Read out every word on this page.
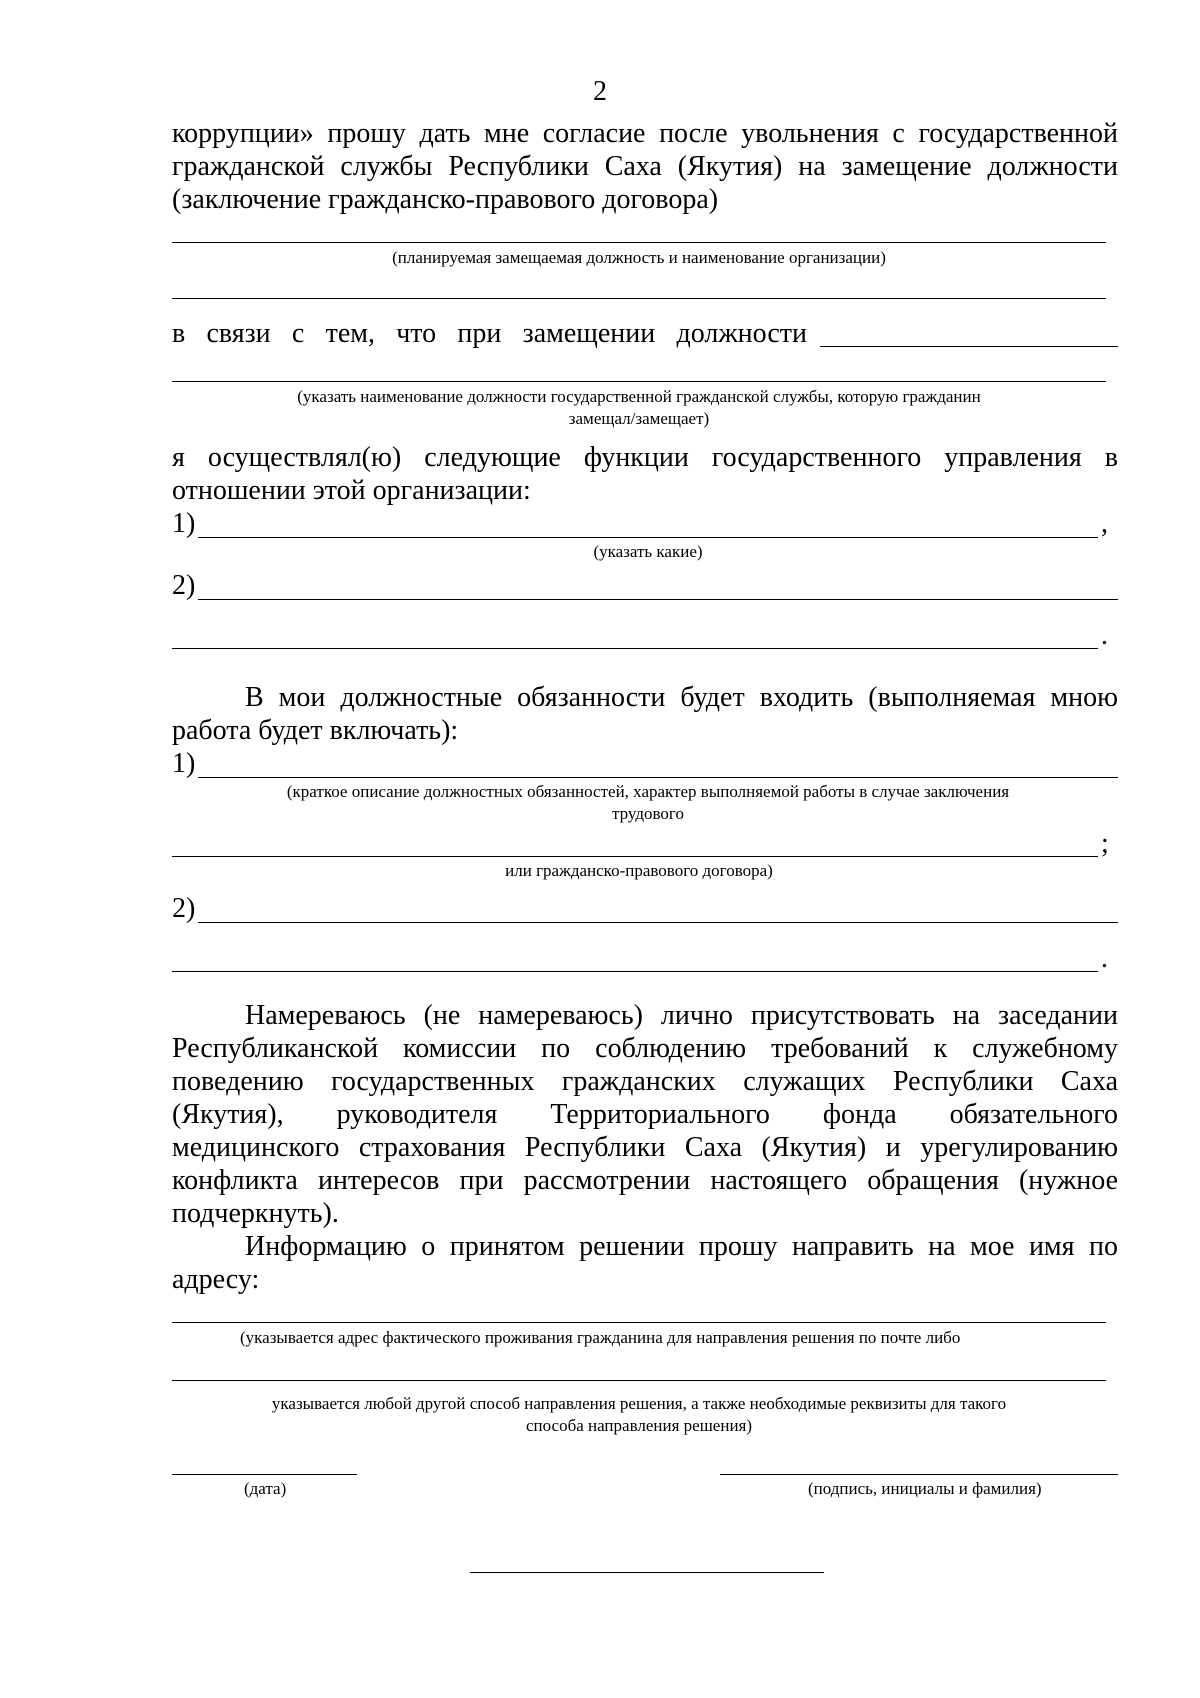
2
коррупции» прошу дать мне согласие после увольнения с государственной
гражданской службы Республики Саха (Якутия) на замещение должности
(заключение гражданско-правового договора)
(планируемая замещаемая должность и наименование организации)
в связи с тем, что при замещении должности
(указать наименование должности государственной гражданской службы, которую гражданин
замещал/замещает)
я осуществлял(ю) следующие функции государственного управления в
отношении этой организации:
1)	,
(указать какие)
2)
.
В мои должностные обязанности будет входить (выполняемая мною
работа будет включать):
1)
(краткое описание должностных обязанностей, характер выполняемой работы в случае заключения
трудового
;
или гражданско-правового договора)
2)
.
Намереваюсь (не намереваюсь) лично присутствовать на заседании
Республиканской комиссии по соблюдению требований к служебному
поведению государственных гражданских служащих Республики Саха
(Якутия), руководителя Территориального фонда обязательного
медицинского страхования Республики Саха (Якутия) и урегулированию
конфликта интересов при рассмотрении настоящего обращения (нужное
подчеркнуть).
Информацию о принятом решении прошу направить на мое имя по
адресу:
(указывается адрес фактического проживания гражданина для направления решения по почте либо
указывается любой другой способ направления решения, а также необходимые реквизиты для такого
способа направления решения)
(дата)	(подпись, инициалы и фамилия)
